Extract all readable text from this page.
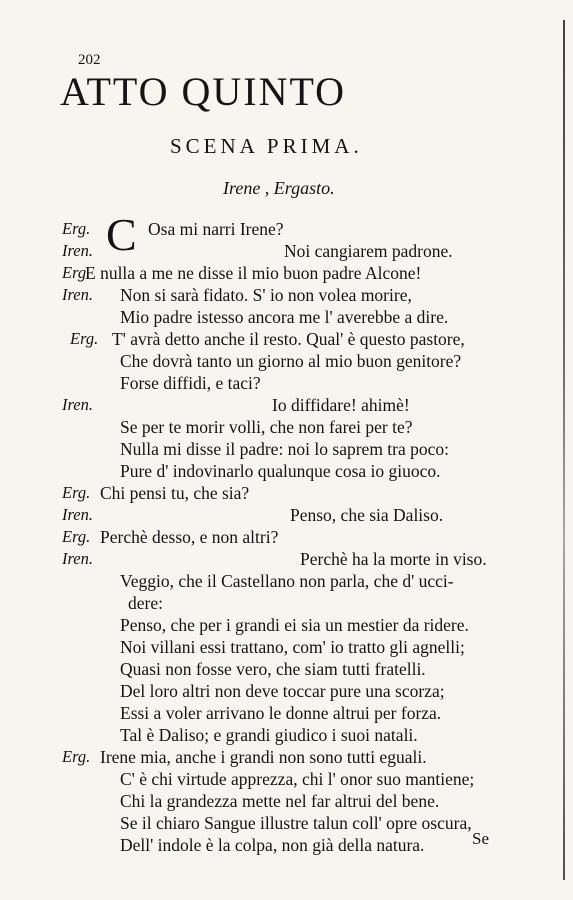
202
ATTO QUINTO
SCENA PRIMA.
Irene , Ergasto.
C
Erg.	Osa mi narri Irene?
Iren.	Noi cangiarem padrone.
Erg.
E nulla a me ne disse il mio buon padre Alcone!
Iren. Non si sarà fidato. S' io non volea morire,
Mio padre istesso ancora me l' averebbe a dire.
Erg. T' avrà detto anche il resto. Qual' è questo pastore,
Che dovrà tanto un giorno al mio buon genitore?
Forse diffidi, e taci?
Iren.	Io diffidare! ahimè!
Se per te morir volli, che non farei per te?
Nulla mi disse il padre: noi lo saprem tra poco:
Pure d' indovinarlo qualunque cosa io giuoco.
Erg. Chi pensi tu, che sia?
Iren.	Penso, che sia Daliso.
Erg. Perchè desso, e non altri?
Iren.	Perchè ha la morte in viso.
Veggio, che il Castellano non parla, che d' ucci-
dere:
Penso, che per i grandi ei sia un mestier da ridere.
Noi villani essi trattano, com' io tratto gli agnelli;
Quasi non fosse vero, che siam tutti fratelli.
Del loro altri non deve toccar pure una scorza;
Essi a voler arrivano le donne altrui per forza.
Tal è Daliso; e grandi giudico i suoi natali.
Erg. Irene mia, anche i grandi non sono tutti eguali.
C' è chi virtude apprezza, chi l' onor suo mantiene;
Chi la grandezza mette nel far altrui del bene.
Se il chiaro Sangue illustre talun coll' opre oscura,
Dell' indole è la colpa, non già della natura.	Se
